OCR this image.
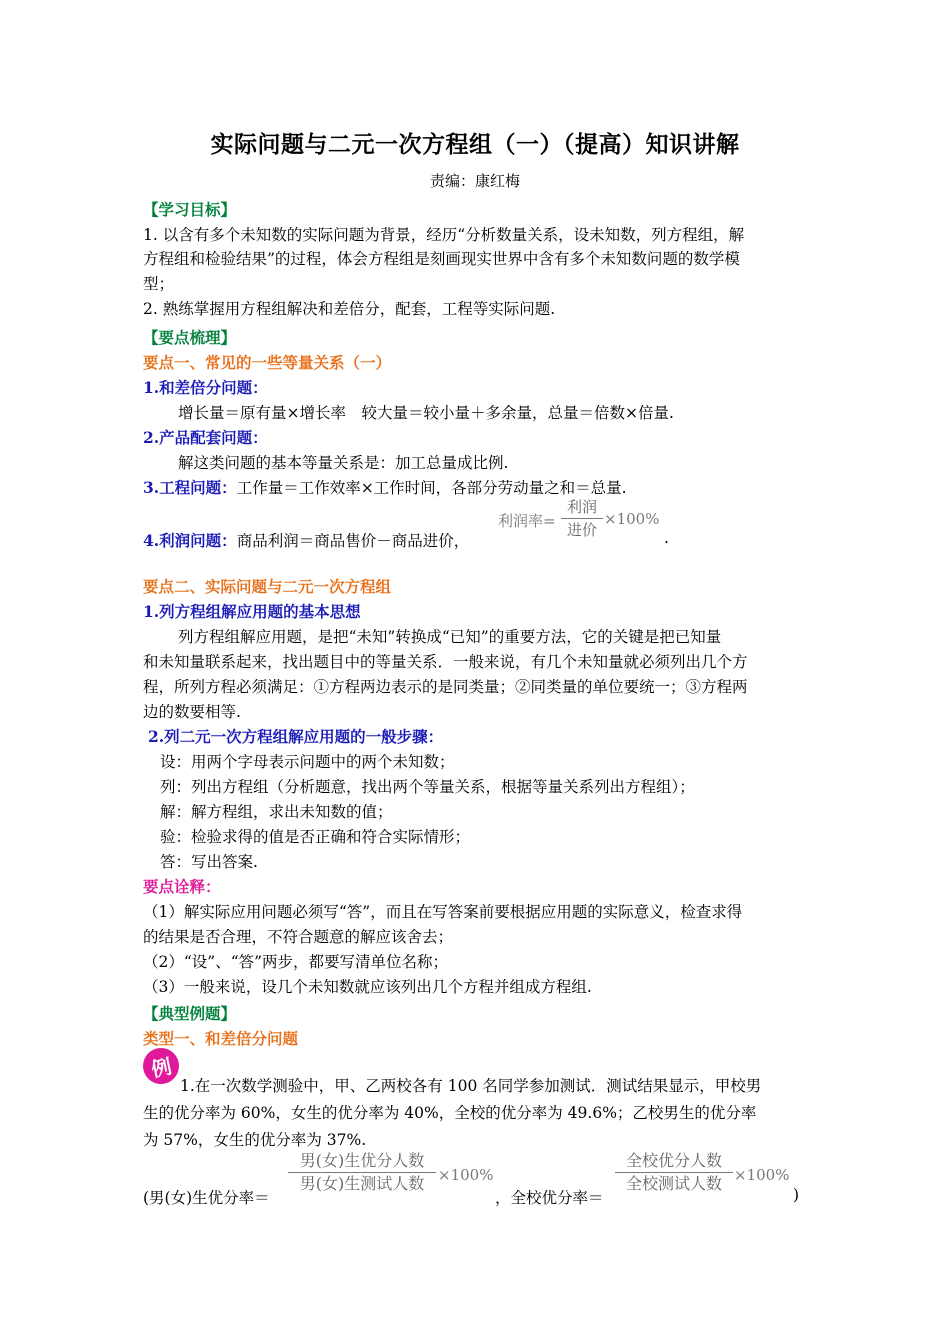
实际问题与二元一次方程组（一）（提高）知识讲解
责编：康红梅
【学习目标】
1. 以含有多个未知数的实际问题为背景，经历“分析数量关系，设未知数，列方程组，解
方程组和检验结果”的过程，体会方程组是刻画现实世界中含有多个未知数问题的数学模
型；
2. 熟练掌握用方程组解决和差倍分，配套，工程等实际问题.
【要点梳理】
要点一、常见的一些等量关系（一）
1.和差倍分问题：
增长量＝原有量×增长率　较大量＝较小量＋多余量，总量＝倍数×倍量.
2.产品配套问题：
解这类问题的基本等量关系是：加工总量成比例.
3.工程问题：工作量＝工作效率×工作时间，各部分劳动量之和＝总量.
4.利润问题：商品利润＝商品售价－商品进价，
利润率=
利润
进价
×100%
.
要点二、实际问题与二元一次方程组
1.列方程组解应用题的基本思想
列方程组解应用题，是把“未知”转换成“已知”的重要方法，它的关键是把已知量
和未知量联系起来，找出题目中的等量关系．一般来说，有几个未知量就必须列出几个方
程，所列方程必须满足：①方程两边表示的是同类量；②同类量的单位要统一；③方程两
边的数要相等.
2.列二元一次方程组解应用题的一般步骤：
设：用两个字母表示问题中的两个未知数；
列：列出方程组（分析题意，找出两个等量关系，根据等量关系列出方程组）；
解：解方程组，求出未知数的值；
验：检验求得的值是否正确和符合实际情形；
答：写出答案.
要点诠释：
（1）解实际应用问题必须写“答”，而且在写答案前要根据应用题的实际意义，检查求得
的结果是否合理，不符合题意的解应该舍去；
（2）“设”、“答”两步，都要写清单位名称；
（3）一般来说，设几个未知数就应该列出几个方程并组成方程组.
【典型例题】
类型一、和差倍分问题
例
1.在一次数学测验中，甲、乙两校各有 100 名同学参加测试．测试结果显示，甲校男
生的优分率为 60%，女生的优分率为 40%，全校的优分率为 49.6%；乙校男生的优分率
为 57%，女生的优分率为 37%.
(男(女)生优分率＝
男(女)生优分人数
男(女)生测试人数 ×100%
，全校优分率＝
全校优分人数
全校测试人数 ×100%
)
